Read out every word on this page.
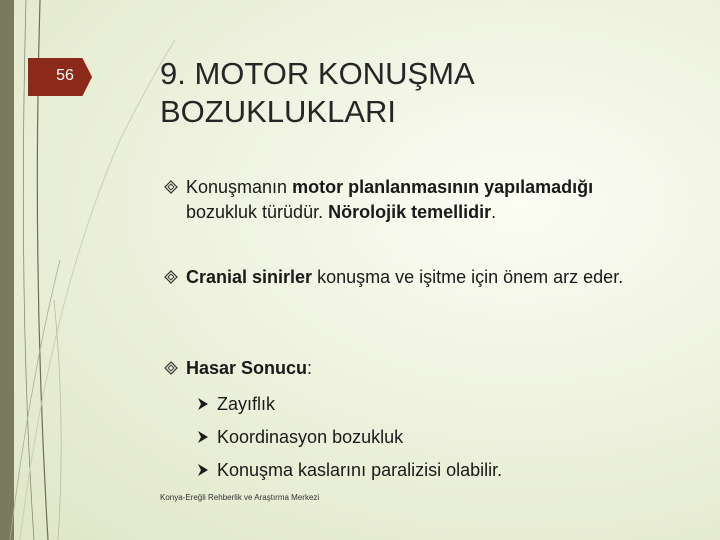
56	9. MOTOR KONUŞMA BOZUKLUKLARI
Konuşmanın motor planlanmasının yapılamadığı bozukluk türüdür. Nörolojik temellidir.
Cranial sinirler konuşma ve işitme için önem arz eder.
Hasar Sonucu:
Zayıflık
Koordinasyon bozukluk
Konuşma kaslarını paralizisi olabilir.
Konya-Ereğli Rehberlik ve Araştırma Merkezi
